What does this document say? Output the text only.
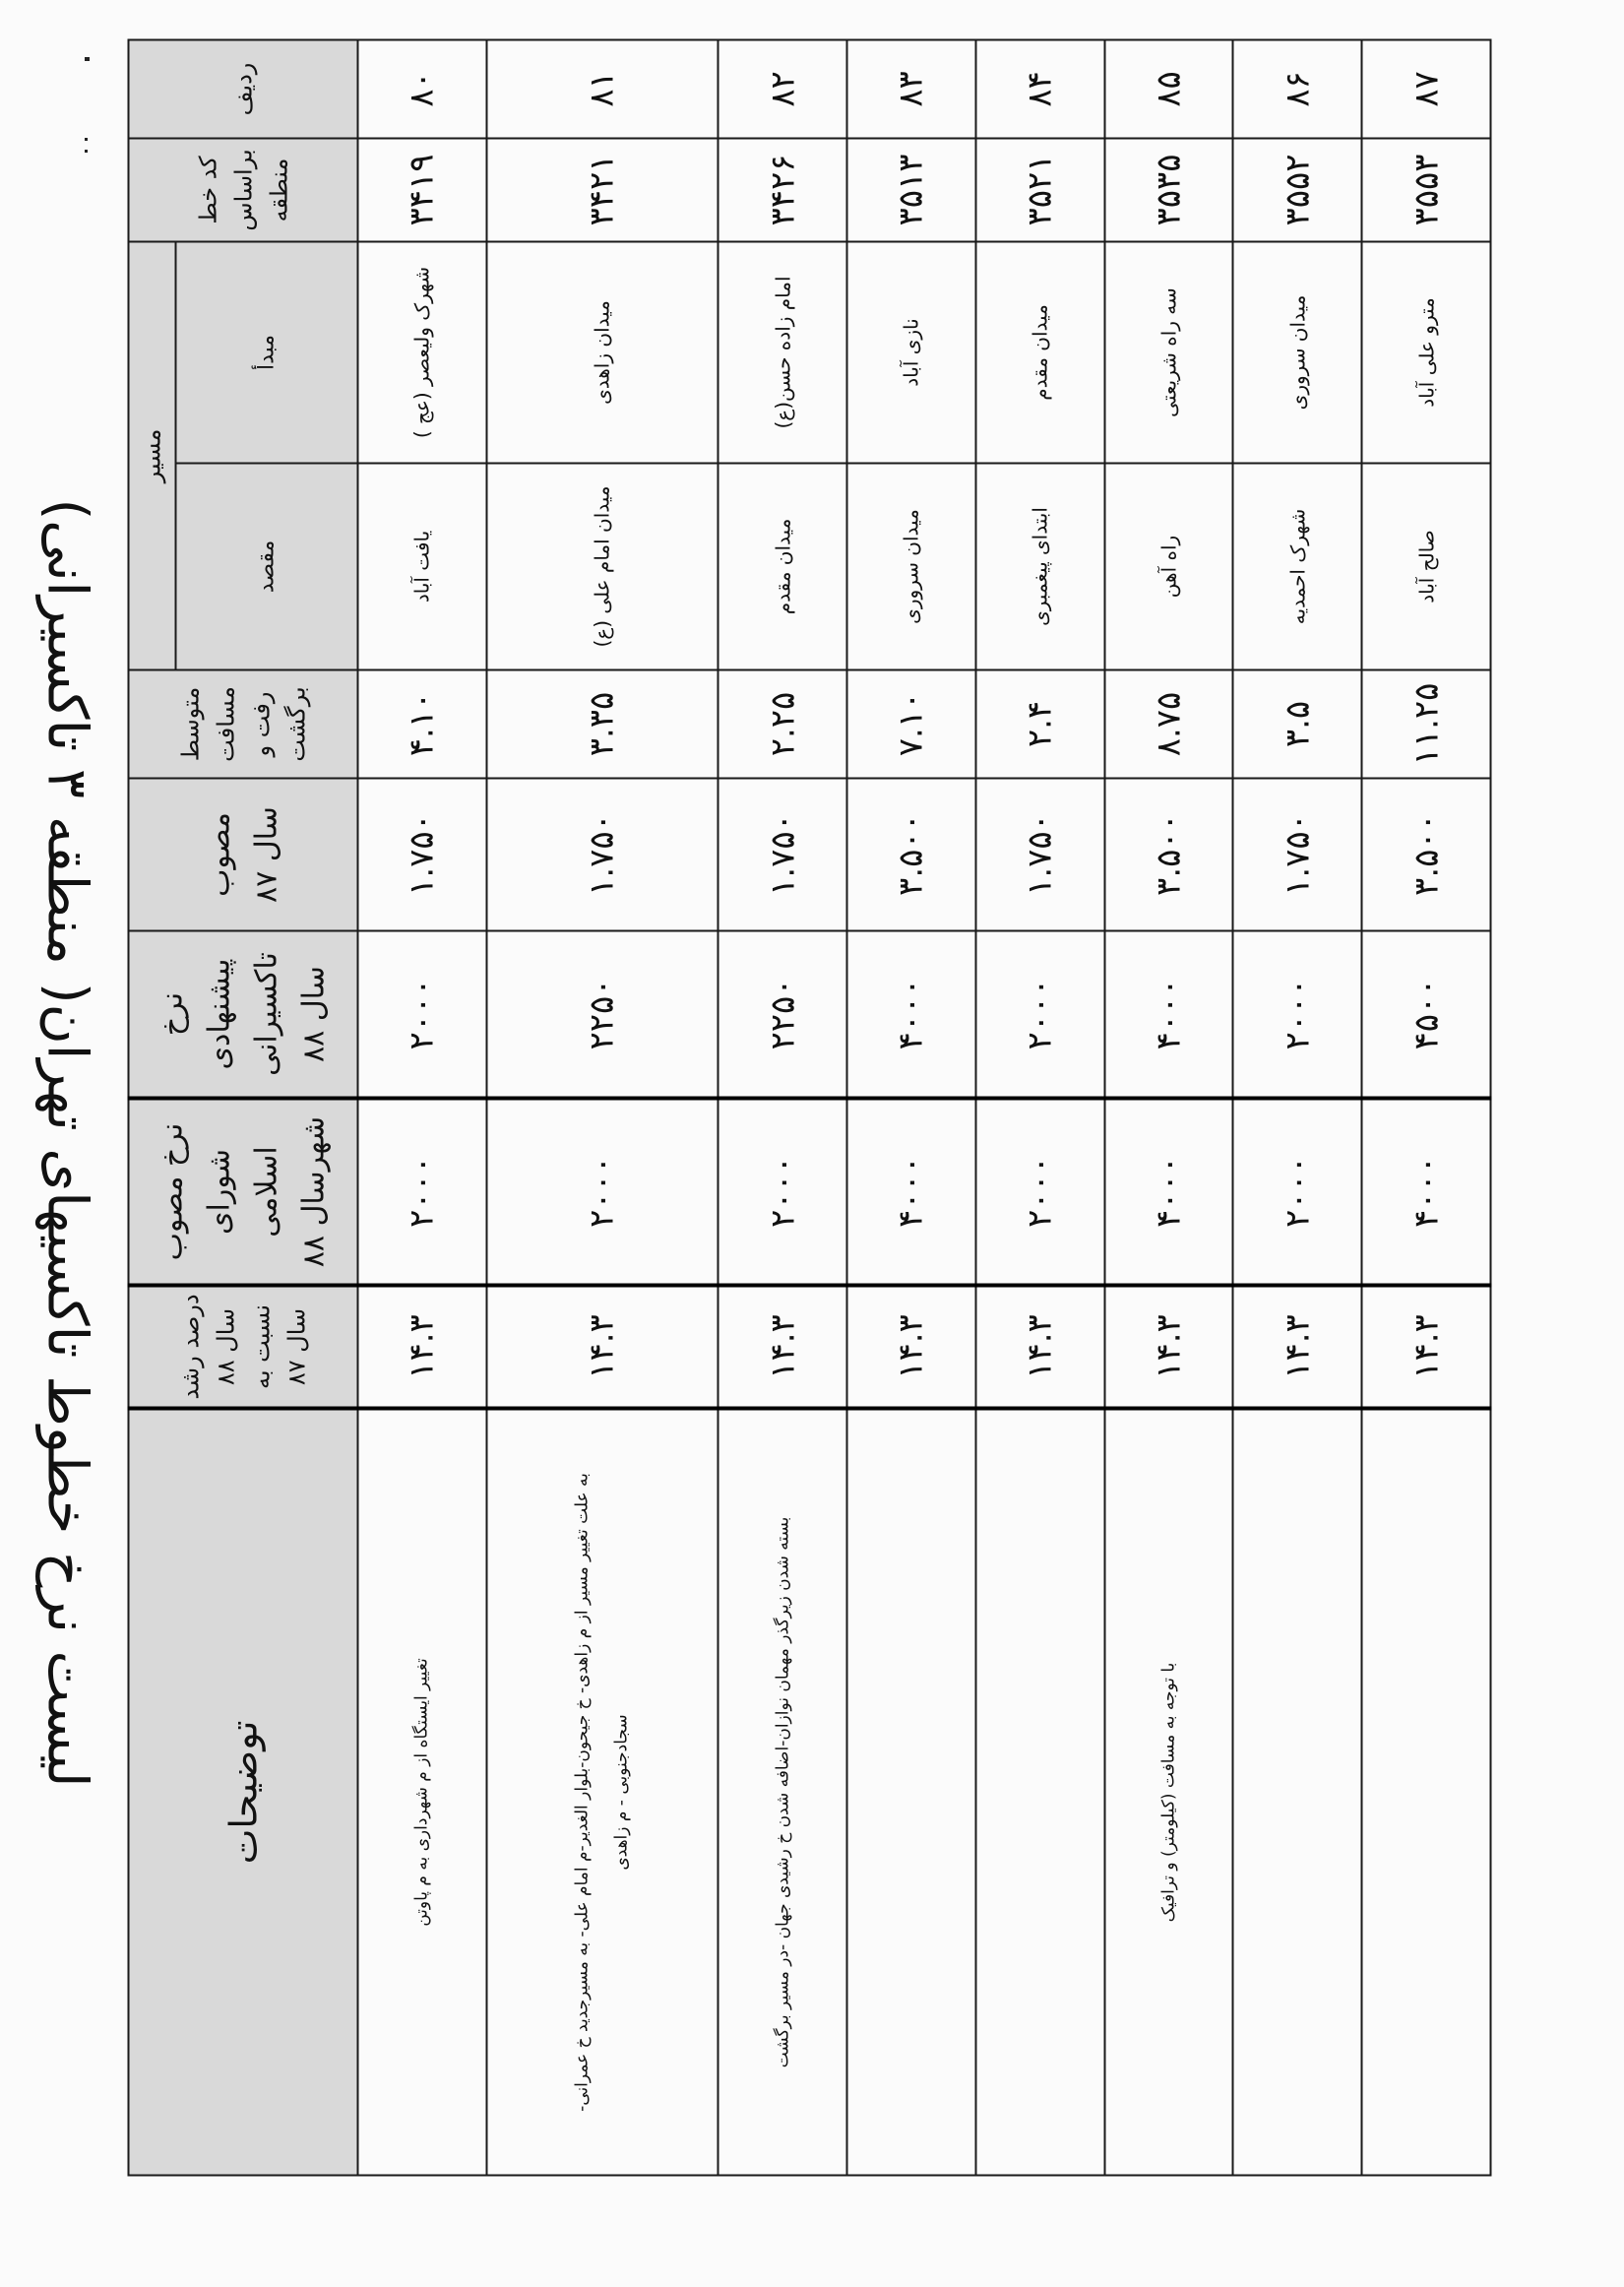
لیست نرخ خطوط تاکسیهای تهران( منطقه ۳ تاکسیرانی)
ردیف	کد خط براساس منطقه	مسیر		متوسط مسافت رفت و برگشت	مصوب سال ۸۷	نرخ پیشنهادی تاکسیرانی سال ۸۸	نرخ مصوب شورای اسلامی شهرسال ۸۸	درصد رشد سال ۸۸ نسبت به سال ۸۷	توضیحات
		مبدأ	مقصد						
۸۰	۳۴۱۹	شهرک ولیعصر (عج )	یافت آباد	۴.۱۰	۱.۷۵۰	۲۰۰۰	۲۰۰۰	۱۴.۳	تغییر ایستگاه از م شهرداری به م پاوتن

۸۱	۳۴۲۱	میدان زاهدی	میدان امام علی (ع)	۳.۳۵	۱.۷۵۰	۲۲۵۰	۲۰۰۰	۱۴.۳	به علت تغییر مسیر از م زاهدی- خ جیحون-بلوار الغدیر-م امام علی- به مسیرجدید خ عمرانی- سجادجنوبی - م زاهدی

۸۲	۳۴۲۶	امام زاده حسن(ع)	میدان مقدم	۲.۲۵	۱.۷۵۰	۲۲۵۰	۲۰۰۰	۱۴.۳	بسته شدن زیرگذر مهمان نوازان-اضافه شدن خ رشیدی جهان -در مسیر برگشت

۸۳	۳۵۱۳	نازی آباد	میدان سروری	۷.۱۰	۳.۵۰۰	۴۰۰۰	۴۰۰۰	۱۴.۳	
۸۴	۳۵۲۱	میدان مقدم	ابتدای پیغمبری	۲.۴	۱.۷۵۰	۲۰۰۰	۲۰۰۰	۱۴.۳	
۸۵	۳۵۳۵	سه راه شریعتی	راه آهن	۸.۷۵	۳.۵۰۰	۴۰۰۰	۴۰۰۰	۱۴.۳	با توجه به مسافت (کیلومتر) و ترافیک

۸۶	۳۵۵۲	میدان سروری	شهرک احمدیه	۳.۵	۱.۷۵۰	۲۰۰۰	۲۰۰۰	۱۴.۳	
۸۷	۳۵۵۳	مترو علی آباد	صالح آباد	۱۱.۲۵	۳.۵۰۰	۴۵۰۰	۴۰۰۰	۱۴.۳	
